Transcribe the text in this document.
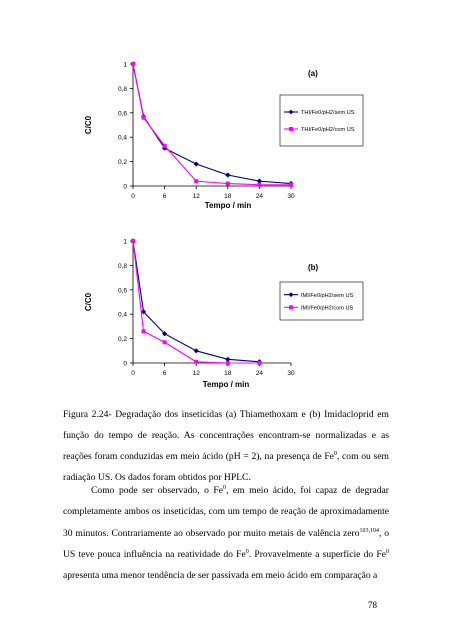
0
0,2
0,4
0,6
0,8
1
0	6	12	18	24	30
Tempo / min
C/C0
(a)
THI/Fe0/pH2/sem US
THI/Fe0/pH2/com US
0
0,2
0,4
0,6
0,8
1
0	6	12	18	24	30
Tempo / min
C/C0
(b)
IMI/Fe0/pH2/sem US
IMI/Fe0/pH2/com US
Figura 2.24- Degradação dos inseticidas (a) Thiamethoxam e (b) Imidacloprid em função do tempo de reação. As concentrações encontram-se normalizadas e as reações foram conduzidas em meio ácido (pH = 2), na presença de Fe$^0$, com ou sem radiação US. Os dados foram obtidos por HPLC.
Como pode ser observado, o Fe$^0$, em meio ácido, foi capaz de degradar completamente ambos os inseticidas, com um tempo de reação de aproximadamente 30 minutos. Contrariamente ao observado por muito metais de valência zero$^{103,104}$, o US teve pouca influência na reatividade do Fe$^0$. Provavelmente a superfície do Fe$^0$ apresenta uma menor tendência de ser passivada em meio ácido em comparação a
78
